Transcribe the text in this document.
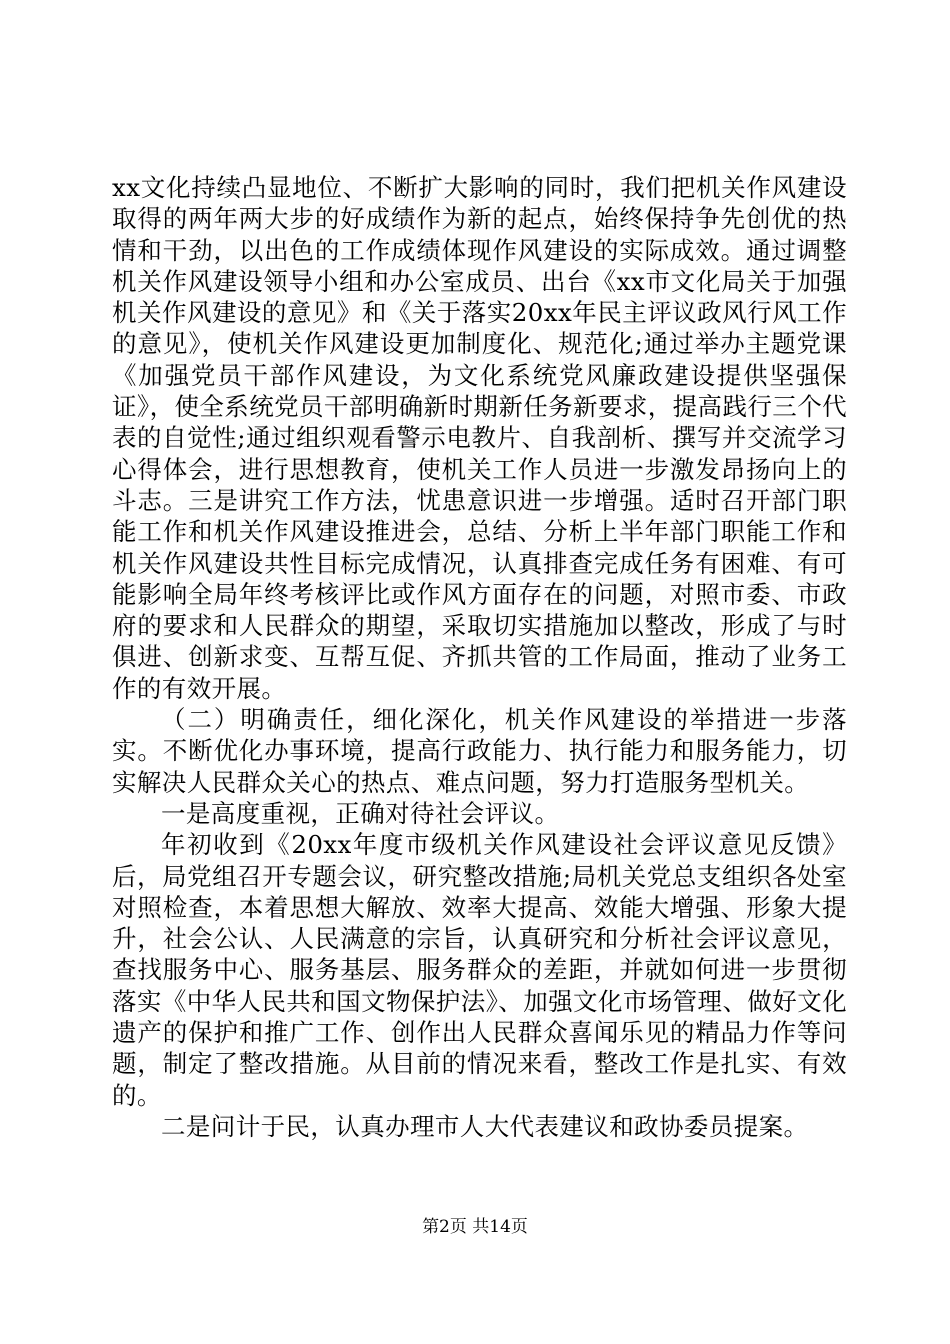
xx文化持续凸显地位、不断扩大影响的同时，我们把机关作风建设取得的两年两大步的好成绩作为新的起点，始终保持争先创优的热情和干劲，以出色的工作成绩体现作风建设的实际成效。通过调整机关作风建设领导小组和办公室成员、出台《xx市文化局关于加强机关作风建设的意见》和《关于落实20xx年民主评议政风行风工作的意见》，使机关作风建设更加制度化、规范化;通过举办主题党课《加强党员干部作风建设，为文化系统党风廉政建设提供坚强保证》，使全系统党员干部明确新时期新任务新要求，提高践行三个代表的自觉性;通过组织观看警示电教片、自我剖析、撰写并交流学习心得体会，进行思想教育，使机关工作人员进一步激发昂扬向上的斗志。三是讲究工作方法，忧患意识进一步增强。适时召开部门职能工作和机关作风建设推进会，总结、分析上半年部门职能工作和机关作风建设共性目标完成情况，认真排查完成任务有困难、有可能影响全局年终考核评比或作风方面存在的问题，对照市委、市政府的要求和人民群众的期望，采取切实措施加以整改，形成了与时俱进、创新求变、互帮互促、齐抓共管的工作局面，推动了业务工作的有效开展。

（二）明确责任，细化深化，机关作风建设的举措进一步落实。不断优化办事环境，提高行政能力、执行能力和服务能力，切实解决人民群众关心的热点、难点问题，努力打造服务型机关。

一是高度重视，正确对待社会评议。

年初收到《20xx年度市级机关作风建设社会评议意见反馈》后，局党组召开专题会议，研究整改措施;局机关党总支组织各处室对照检查，本着思想大解放、效率大提高、效能大增强、形象大提升，社会公认、人民满意的宗旨，认真研究和分析社会评议意见，查找服务中心、服务基层、服务群众的差距，并就如何进一步贯彻落实《中华人民共和国文物保护法》、加强文化市场管理、做好文化遗产的保护和推广工作、创作出人民群众喜闻乐见的精品力作等问题，制定了整改措施。从目前的情况来看，整改工作是扎实、有效的。

二是问计于民，认真办理市人大代表建议和政协委员提案。

第2页 共14页
